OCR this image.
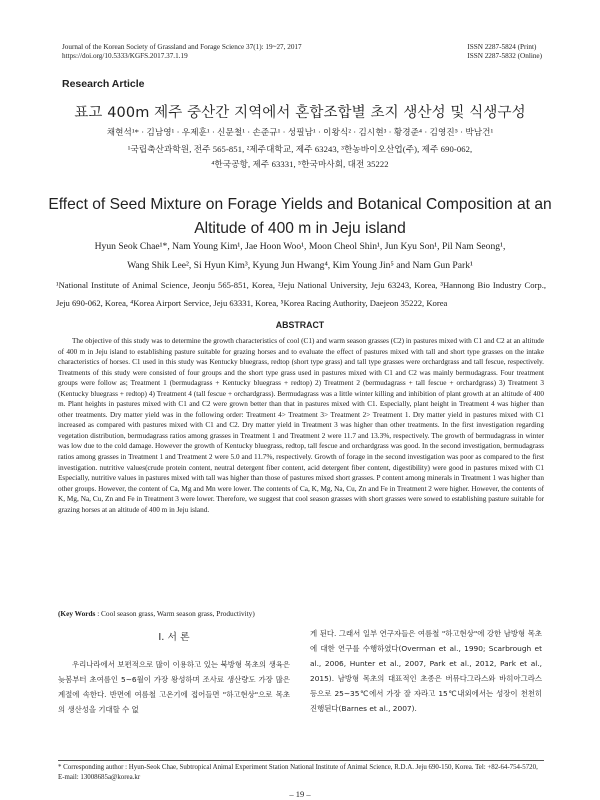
Journal of the Korean Society of Grassland and Forage Science 37(1): 19~27, 2017
https://doi.org/10.5333/KGFS.2017.37.1.19
ISSN 2287-5824 (Print)
ISSN 2287-5832 (Online)
Research Article
표고 400m 제주 중산간 지역에서 혼합조합별 초지 생산성 및 식생구성
채현석¹* · 김남영¹ · 우제훈¹ · 신문철¹ · 손준규¹ · 성필남¹ · 이왕식² · 김시현³ · 황경준⁴ · 김영진⁵ · 박남건¹
¹국립축산과학원, 전주 565-851, ²제주대학교, 제주 63243, ³한농바이오산업(주), 제주 690-062,
⁴한국공항, 제주 63331, ⁵한국마사회, 대전 35222
Effect of Seed Mixture on Forage Yields and Botanical Composition at an
Altitude of 400 m in Jeju island
Hyun Seok Chae¹*, Nam Young Kim¹, Jae Hoon Woo¹, Moon Cheol Shin¹, Jun Kyu Son¹, Pil Nam Seong¹,
Wang Shik Lee², Si Hyun Kim³, Kyung Jun Hwang⁴, Kim Young Jin⁵ and Nam Gun Park¹
¹National Institute of Animal Science, Jeonju 565-851, Korea, ²Jeju National University, Jeju 63243, Korea, ³Hannong Bio Industry Corp., Jeju 690-062, Korea, ⁴Korea Airport Service, Jeju 63331, Korea, ⁵Korea Racing Authority, Daejeon 35222, Korea
ABSTRACT
The objective of this study was to determine the growth characteristics of cool (C1) and warm season grasses (C2) in pastures mixed with C1 and C2 at an altitude of 400 m in Jeju island to establishing pasture suitable for grazing horses and to evaluate the effect of pastures mixed with tall and short type grasses on the intake characteristics of horses. C1 used in this study was Kentucky bluegrass, redtop (short type grass) and tall type grasses were orchardgrass and tall fescue, respectively. Treatments of this study were consisted of four groups and the short type grass used in pastures mixed with C1 and C2 was mainly bermudagrass. Four treatment groups were follow as; Treatment 1 (bermudagrass + Kentucky bluegrass + redtop) 2) Treatment 2 (bermudagrass + tall fescue + orchardgrass) 3) Treatment 3 (Kentucky bluegrass + redtop) 4) Treatment 4 (tall fescue + orchardgrass). Bermudagrass was a little winter killing and inhibition of plant growth at an altitude of 400 m. Plant heights in pastures mixed with C1 and C2 were grown better than that in pastures mixed with C1. Especially, plant height in Treatment 4 was higher than other treatments. Dry matter yield was in the following order: Treatment 4> Treatment 3> Treatment 2> Treatment 1. Dry matter yield in pastures mixed with C1 increased as compared with pastures mixed with C1 and C2. Dry matter yield in Treatment 3 was higher than other treatments. In the first investigation regarding vegetation distribution, bermudagrass ratios among grasses in Treatment 1 and Treatment 2 were 11.7 and 13.3%, respectively. The growth of bermudagrass in winter was low due to the cold damage. However the growth of Kentucky bluegrass, redtop, tall fescue and orchardgrass was good. In the second investigation, bermudagrass ratios among grasses in Treatment 1 and Treatment 2 were 5.0 and 11.7%, respectively. Growth of forage in the second investigation was poor as compared to the first investigation. nutritive values(crude protein content, neutral detergent fiber content, acid detergent fiber content, digestibility) were good in pastures mixed with C1 Especially, nutritive values in pastures mixed with tall was higher than those of pastures mixed short grasses. P content among minerals in Treatment 1 was higher than other groups. However, the content of Ca, Mg and Mn were lower. The contents of Ca, K, Mg, Na, Cu, Zn and Fe in Treatment 2 were higher. However, the contents of K, Mg, Na, Cu, Zn and Fe in Treatment 3 were lower. Therefore, we suggest that cool season grasses with short grasses were sowed to establishing pasture suitable for grazing horses at an altitude of 400 m in Jeju island.
(Key Words : Cool season grass, Warm season grass, Productivity)
Ⅰ. 서 론
우리나라에서 보편적으로 많이 이용하고 있는 북방형 목초의 생육은 늦봄부터 초여름인 5~6월이 가장 왕성하며 조사료 생산량도 가장 많은 계절에 속한다. 반면에 여름철 고온기에 접어들면 "하고현상"으로 목초의 생산성을 기대할 수 없
게 된다. 그래서 일부 연구자들은 여름철 "하고현상"에 강한 남방형 목초에 대한 연구를 수행하였다(Overman et al., 1990; Scarbrough et al., 2006, Hunter et al., 2007, Park et al., 2012, Park et al., 2015). 남방형 목초의 대표적인 초종은 버뮤다그라스와 바히아그라스 등으로 25~35℃에서 가장 잘 자라고 15℃내외에서는 성장이 천천히 진행된다(Barnes et al., 2007).
* Corresponding author : Hyun-Seok Chae, Subtropical Animal Experiment Station National Institute of Animal Science, R.D.A. Jeju 690-150, Korea. Tel: +82-64-754-5720, E-mail: 13008685a@korea.kr
‒ 19 ‒
